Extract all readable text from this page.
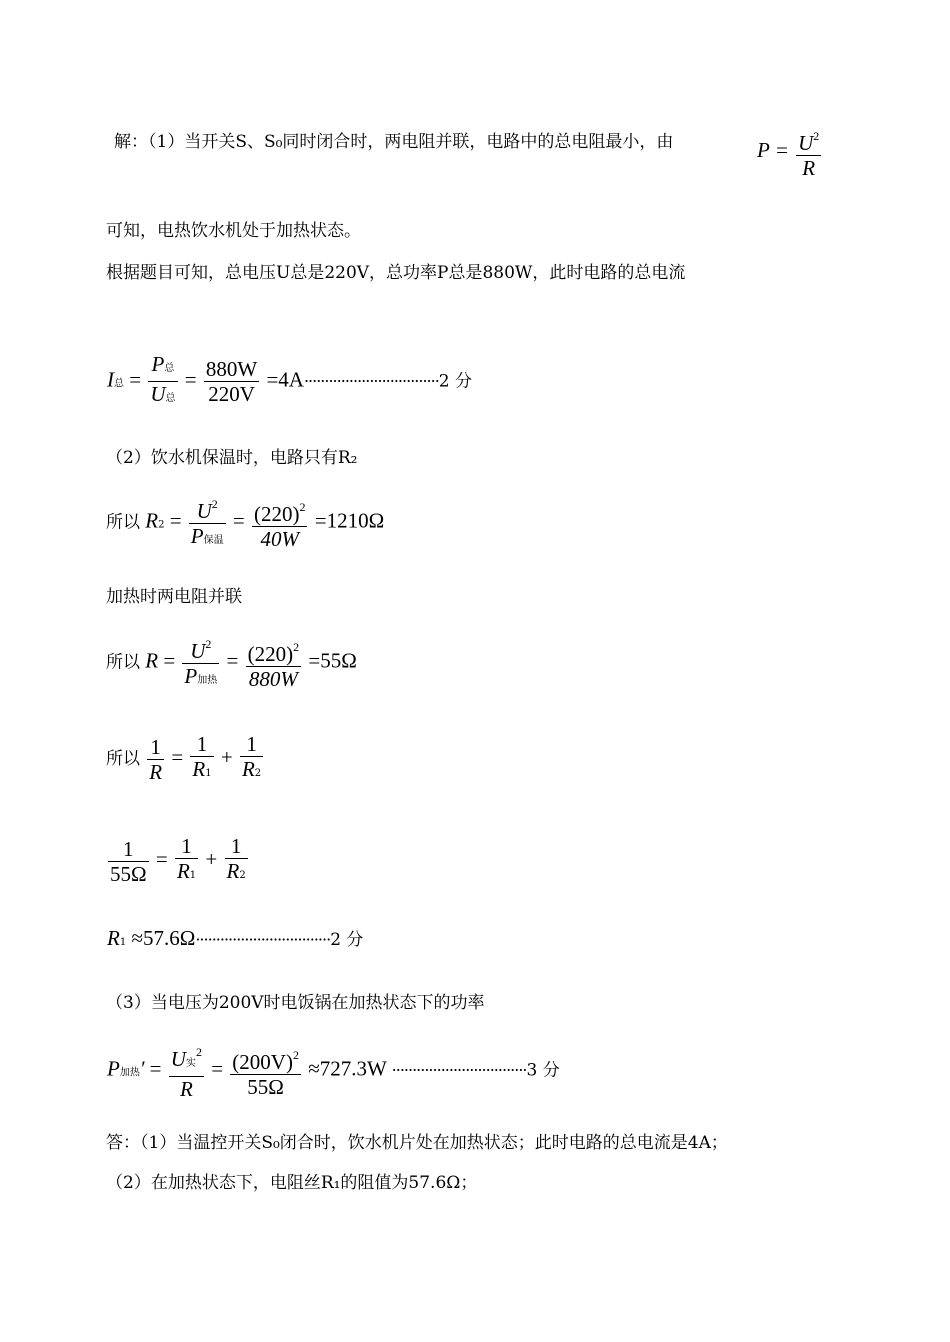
解：（1）当开关S、S₀同时闭合时，两电阻并联，电路中的总电阻最小，由	$P = \frac{U^2}{R}$
可知，电热饮水机处于加热状态。
根据题目可知，总电压U总是220V，总功率P总是880W，此时电路的总电流
I总 = $\frac{\text{P总}}{\text{U总}} = \frac{880W}{220V} =4A\cdot\cdot\cdot\cdot\cdot\cdot\cdot\cdot\cdot\cdot\cdot\cdot\cdot\cdot\cdot\cdot\cdot\cdot\cdot\cdot\cdot\cdot\cdot\cdot\cdot\cdot\cdot\cdot\cdot\cdot\cdot\cdot\cdot 2$ 分
（2）饮水机保温时，电路只有R₂
所以 $R2 = \frac{U^2}{\text{P保温}} = \frac{(220)^2}{40W} =1210\Omega$
加热时两电阻并联
所以 $R = \frac{U^2}{\text{P加热}} = \frac{(220)^2}{880W} =55\Omega$
所以 $\frac{1}{R} = \frac{1}{R1} + \frac{1}{R2}$
$\frac{1}{55\Omega} = \frac{1}{R1} + \frac{1}{R2}$
R1 ≈57.6Ω·································2 分
（3）当电压为200V时电饭锅在加热状态下的功率
P加热′ = $\frac{U实^2}{R} = \frac{(200V)^2}{55\Omega} \approx 727.3W \cdot\cdot\cdot\cdot\cdot\cdot\cdot\cdot\cdot\cdot\cdot\cdot\cdot\cdot\cdot\cdot\cdot\cdot\cdot\cdot\cdot\cdot\cdot\cdot\cdot\cdot\cdot\cdot\cdot\cdot\cdot\cdot\cdot 3$ 分
答：（1）当温控开关S₀闭合时，饮水机片处在加热状态；此时电路的总电流是4A；
（2）在加热状态下，电阻丝R₁的阻值为57.6Ω；
